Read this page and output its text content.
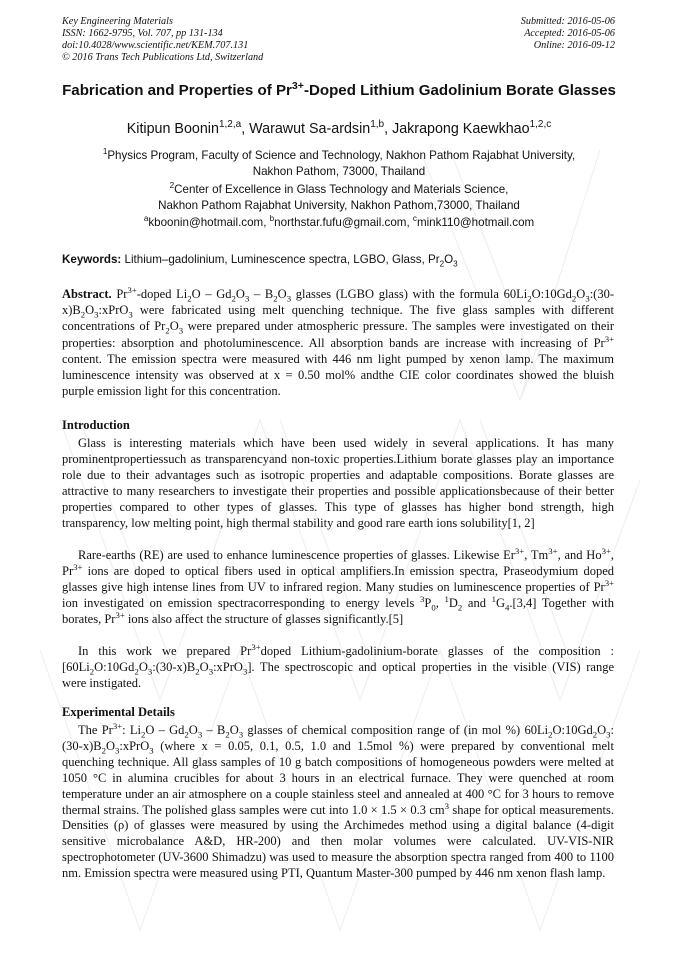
Key Engineering Materials
ISSN: 1662-9795, Vol. 707, pp 131-134
doi:10.4028/www.scientific.net/KEM.707.131
© 2016 Trans Tech Publications Ltd, Switzerland
Submitted: 2016-05-06
Accepted: 2016-05-06
Online: 2016-09-12
Fabrication and Properties of $Pr^{3+}$-Doped Lithium Gadolinium Borate Glasses
Kitipun Boonin$^{1,2,a}$, Warawut Sa-ardsin$^{1,b}$, Jakrapong Kaewkhao$^{1,2,c}$
$^1$Physics Program, Faculty of Science and Technology, Nakhon Pathom Rajabhat University,
Nakhon Pathom, 73000, Thailand
$^2$Center of Excellence in Glass Technology and Materials Science,
Nakhon Pathom Rajabhat University, Nakhon Pathom,73000, Thailand
$^a$kboonin@hotmail.com, $^b$northstar.fufu@gmail.com, $^c$mink110@hotmail.com
Keywords: Lithium–gadolinium, Luminescence spectra, LGBO, Glass, $Pr_2O_3$
Abstract. $Pr^{3+}$-doped $Li_2O - Gd_2O_3 - B_2O_3$ glasses (LGBO glass) with the formula $60Li_2O:10Gd_2O_3:(30-x)B_2O_3:xPrO_3$ were fabricated using melt quenching technique. The five glass samples with different concentrations of $Pr_2O_3$ were prepared under atmospheric pressure. The samples were investigated on their properties: absorption and photoluminescence. All absorption bands are increase with increasing of $Pr^{3+}$ content. The emission spectra were measured with 446 nm light pumped by xenon lamp. The maximum luminescence intensity was observed at x = 0.50 mol% andthe CIE color coordinates showed the bluish purple emission light for this concentration.
Introduction
Glass is interesting materials which have been used widely in several applications. It has many prominentpropertiessuch as transparencyand non-toxic properties.Lithium borate glasses play an importance role due to their advantages such as isotropic properties and adaptable compositions. Borate glasses are attractive to many researchers to investigate their properties and possible applicationsbecause of their better properties compared to other types of glasses. This type of glasses has higher bond strength, high transparency, low melting point, high thermal stability and good rare earth ions solubility[1, 2]
Rare-earths (RE) are used to enhance luminescence properties of glasses. Likewise $Er^{3+}$, $Tm^{3+}$, and $Ho^{3+}$, $Pr^{3+}$ ions are doped to optical fibers used in optical amplifiers.In emission spectra, Praseodymium doped glasses give high intense lines from UV to infrared region. Many studies on luminescence properties of $Pr^{3+}$ ion investigated on emission spectracorresponding to energy levels $^3P_0$, $^1D_2$ and $^1G_4.[3,4]$ Together with borates, $Pr^{3+}$ ions also affect the structure of glasses significantly.[5]
In this work we prepared $Pr^{3+}doped$ Lithium-gadolinium-borate glasses of the composition $:[60Li_2O:10Gd_2O_3:(30-x)B_2O_3:xPrO_3]$. The spectroscopic and optical properties in the visible (VIS) range were instigated.
Experimental Details
The $Pr^{3+}$: $Li_2O - Gd_2O_3 - B_2O_3$ glasses of chemical composition range of (in mol %) $60Li_2O:10Gd_2O_3:(30-x)B_2O_3:xPrO_3$ (where x = 0.05, 0.1, 0.5, 1.0 and 1.5mol %) were prepared by conventional melt quenching technique. All glass samples of 10 g batch compositions of homogeneous powders were melted at 1050 °C in alumina crucibles for about 3 hours in an electrical furnace. They were quenched at room temperature under an air atmosphere on a couple stainless steel and annealed at 400 °C for 3 hours to remove thermal strains. The polished glass samples were cut into 1.0 × 1.5 × 0.3 $cm^3$ shape for optical measurements. Densities (ρ) of glasses were measured by using the Archimedes method using a digital balance (4-digit sensitive microbalance A&D, HR-200) and then molar volumes were calculated. UV-VIS-NIR spectrophotometer (UV-3600 Shimadzu) was used to measure the absorption spectra ranged from 400 to 1100 nm. Emission spectra were measured using PTI, Quantum Master-300 pumped by 446 nm xenon flash lamp.
